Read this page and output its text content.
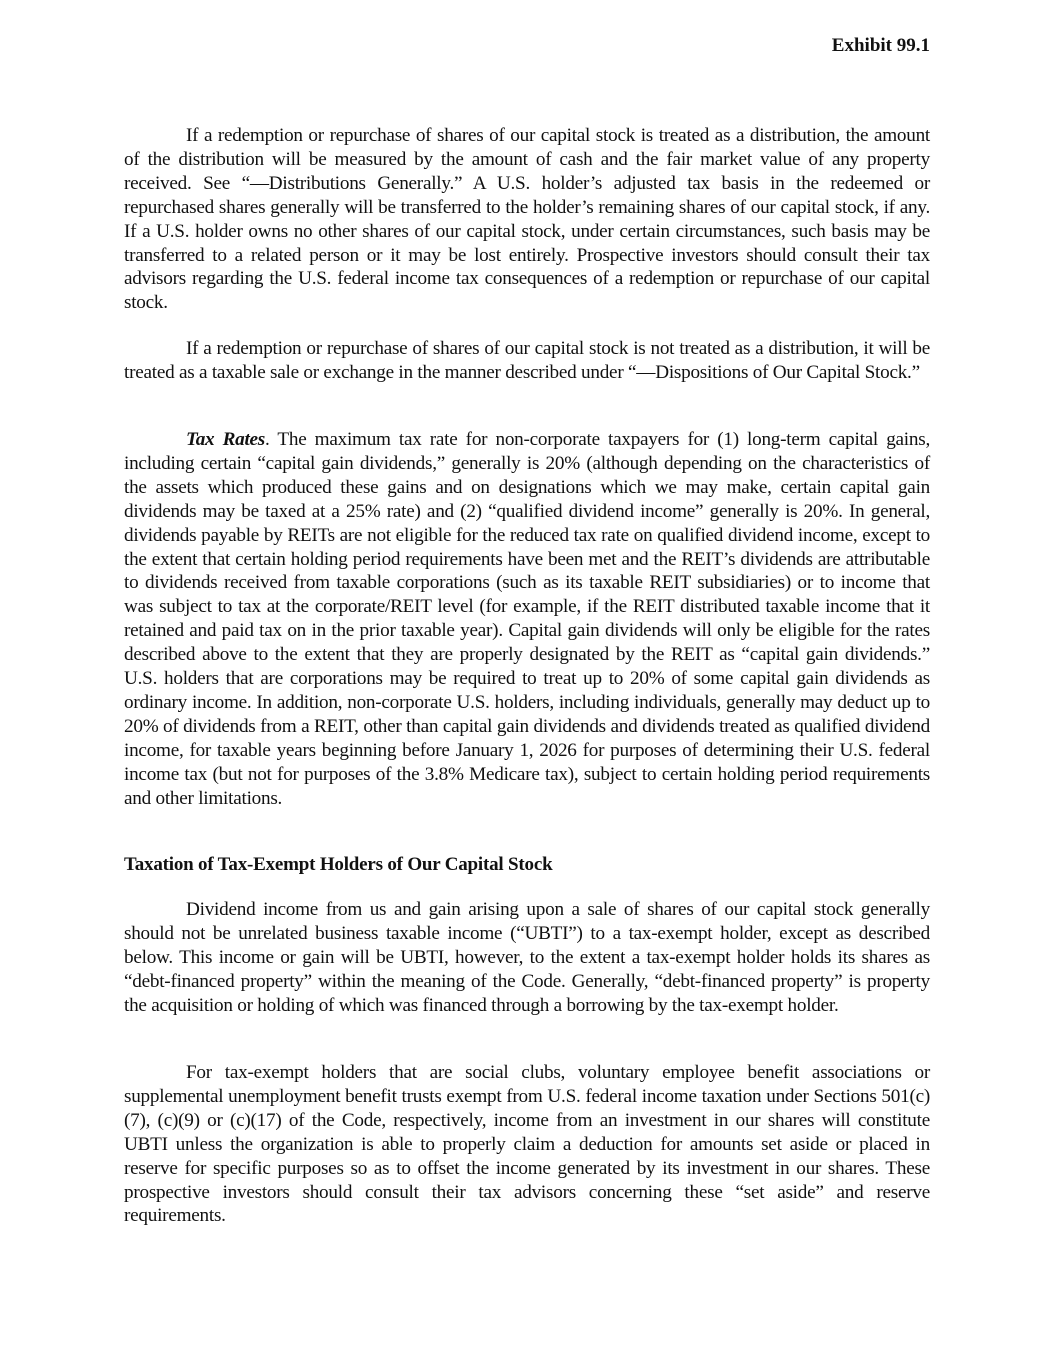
Exhibit 99.1

If a redemption or repurchase of shares of our capital stock is treated as a distribution, the amount of the distribution will be measured by the amount of cash and the fair market value of any property received. See “—Distributions Generally.” A U.S. holder’s adjusted tax basis in the redeemed or repurchased shares generally will be transferred to the holder’s remaining shares of our capital stock, if any. If a U.S. holder owns no other shares of our capital stock, under certain circumstances, such basis may be transferred to a related person or it may be lost entirely. Prospective investors should consult their tax advisors regarding the U.S. federal income tax consequences of a redemption or repurchase of our capital stock.

If a redemption or repurchase of shares of our capital stock is not treated as a distribution, it will be treated as a taxable sale or exchange in the manner described under “—Dispositions of Our Capital Stock.”

Tax Rates. The maximum tax rate for non-corporate taxpayers for (1) long-term capital gains, including certain “capital gain dividends,” generally is 20% (although depending on the characteristics of the assets which produced these gains and on designations which we may make, certain capital gain dividends may be taxed at a 25% rate) and (2) “qualified dividend income” generally is 20%. In general, dividends payable by REITs are not eligible for the reduced tax rate on qualified dividend income, except to the extent that certain holding period requirements have been met and the REIT’s dividends are attributable to dividends received from taxable corporations (such as its taxable REIT subsidiaries) or to income that was subject to tax at the corporate/REIT level (for example, if the REIT distributed taxable income that it retained and paid tax on in the prior taxable year). Capital gain dividends will only be eligible for the rates described above to the extent that they are properly designated by the REIT as “capital gain dividends.” U.S. holders that are corporations may be required to treat up to 20% of some capital gain dividends as ordinary income. In addition, non-corporate U.S. holders, including individuals, generally may deduct up to 20% of dividends from a REIT, other than capital gain dividends and dividends treated as qualified dividend income, for taxable years beginning before January 1, 2026 for purposes of determining their U.S. federal income tax (but not for purposes of the 3.8% Medicare tax), subject to certain holding period requirements and other limitations.

Taxation of Tax-Exempt Holders of Our Capital Stock

Dividend income from us and gain arising upon a sale of shares of our capital stock generally should not be unrelated business taxable income (“UBTI”) to a tax-exempt holder, except as described below. This income or gain will be UBTI, however, to the extent a tax-exempt holder holds its shares as “debt-financed property” within the meaning of the Code. Generally, “debt-financed property” is property the acquisition or holding of which was financed through a borrowing by the tax-exempt holder.

For tax-exempt holders that are social clubs, voluntary employee benefit associations or supplemental unemployment benefit trusts exempt from U.S. federal income taxation under Sections 501(c)(7), (c)(9) or (c)(17) of the Code, respectively, income from an investment in our shares will constitute UBTI unless the organization is able to properly claim a deduction for amounts set aside or placed in reserve for specific purposes so as to offset the income generated by its investment in our shares. These prospective investors should consult their tax advisors concerning these “set aside” and reserve requirements.
